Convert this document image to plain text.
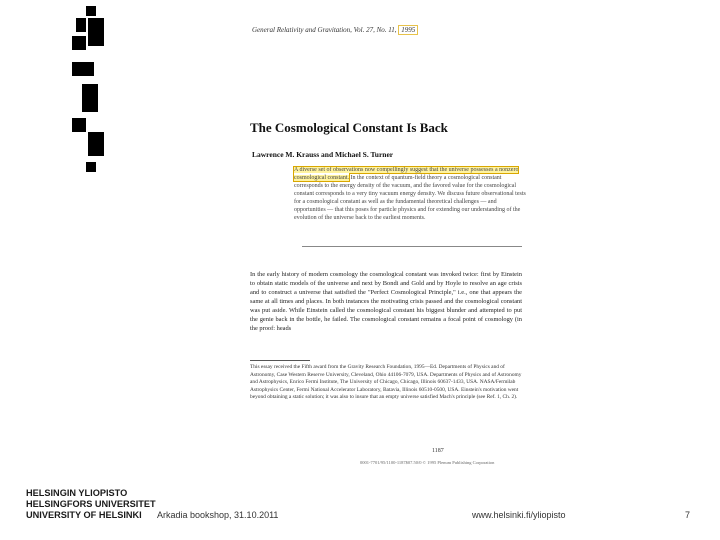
General Relativity and Gravitation, Vol. 27, No. 11, 1995
The Cosmological Constant Is Back
Lawrence M. Krauss and Michael S. Turner
A diverse set of observations now compellingly suggest that the universe possesses a nonzero cosmological constant. In the context of quantum-field theory a cosmological constant corresponds to the energy density of the vacuum, and the favored value for the cosmological constant corresponds to a very tiny vacuum energy density. We discuss future observational tests for a cosmological constant as well as the fundamental theoretical challenges — and opportunities — that this poses for particle physics and for extending our understanding of the evolution of the universe back to the earliest moments.
In the early history of modern cosmology the cosmological constant was invoked twice: first by Einstein to obtain static models of the universe and next by Bondi and Gold and by Hoyle to resolve an age crisis and to construct a universe that satisfied the "Perfect Cosmological Principle," i.e., one that appears the same at all times and places. In both instances the motivating crisis passed and the cosmological constant was put aside. While Einstein called the cosmological constant his biggest blunder and attempted to put the genie back in the bottle, he failed. The cosmological constant remains a focal point of cosmology (in the proof: heads
This essay received the Fifth award from the Gravity Research Foundation, 1995—Ed. Departments of Physics and of Astronomy, Case Western Reserve University, Cleveland, Ohio 44106-7079, USA. Departments of Physics and of Astronomy and Astrophysics, Enrico Fermi Institute, The University of Chicago, Chicago, Illinois 60637-1433, USA. NASA/Fermilab Astrophysics Center, Fermi National Accelerator Laboratory, Batavia, Illinois 60510-0500, USA. Einstein's motivation went beyond obtaining a static solution; it was also to insure that an empty universe satisfied Mach's principle (see Ref. 1, Ch. 2).
1187
0001-7701/95/1100-1187$07.50/0 © 1995 Plenum Publishing Corporation
HELSINGIN YLIOPISTO
HELSINGFORS UNIVERSITET
UNIVERSITY OF HELSINKI	Arkadia bookshop, 31.10.2011	www.helsinki.fi/yliopisto	7
